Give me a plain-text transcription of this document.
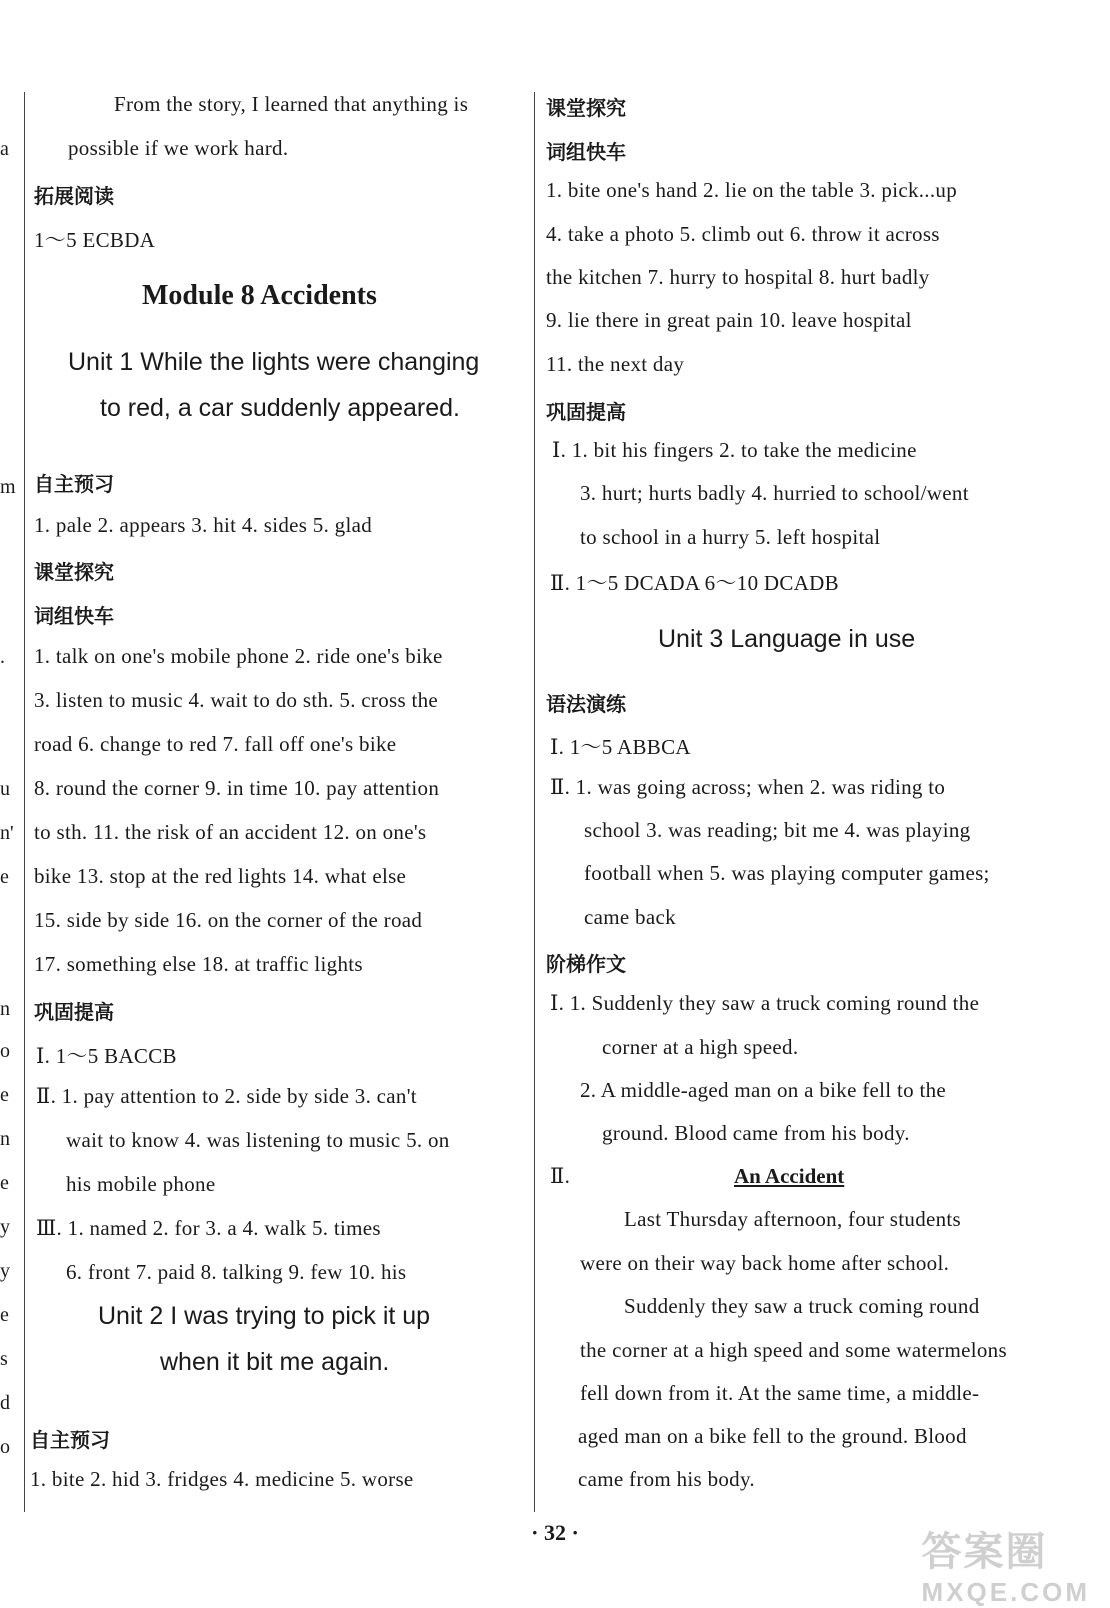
a
m
.
u
n'
e
n
o
e
n
e
y
y
e
s
d
o
From the story, I learned that anything is
possible if we work hard.
拓展阅读
1～5 ECBDA
Module 8 Accidents
Unit 1 While the lights were changing
to red, a car suddenly appeared.
自主预习
1. pale 2. appears 3. hit 4. sides 5. glad
课堂探究
词组快车
1. talk on one's mobile phone 2. ride one's bike
3. listen to music 4. wait to do sth. 5. cross the
road 6. change to red 7. fall off one's bike
8. round the corner 9. in time 10. pay attention
to sth. 11. the risk of an accident 12. on one's
bike 13. stop at the red lights 14. what else
15. side by side 16. on the corner of the road
17. something else 18. at traffic lights
巩固提高
Ⅰ. 1～5 BACCB
Ⅱ. 1. pay attention to 2. side by side 3. can't
wait to know 4. was listening to music 5. on
his mobile phone
Ⅲ. 1. named 2. for 3. a 4. walk 5. times
6. front 7. paid 8. talking 9. few 10. his
Unit 2 I was trying to pick it up
when it bit me again.
自主预习
1. bite 2. hid 3. fridges 4. medicine 5. worse
课堂探究
词组快车
1. bite one's hand 2. lie on the table 3. pick...up
4. take a photo 5. climb out 6. throw it across
the kitchen 7. hurry to hospital 8. hurt badly
9. lie there in great pain 10. leave hospital
11. the next day
巩固提高
Ⅰ. 1. bit his fingers 2. to take the medicine
3. hurt; hurts badly 4. hurried to school/went
to school in a hurry 5. left hospital
Ⅱ. 1～5 DCADA 6～10 DCADB
Unit 3 Language in use
语法演练
Ⅰ. 1～5 ABBCA
Ⅱ. 1. was going across; when 2. was riding to
school 3. was reading; bit me 4. was playing
football when 5. was playing computer games;
came back
阶梯作文
Ⅰ. 1. Suddenly they saw a truck coming round the
corner at a high speed.
2. A middle-aged man on a bike fell to the
ground. Blood came from his body.
Ⅱ.	An Accident
Last Thursday afternoon, four students
were on their way back home after school.
Suddenly they saw a truck coming round
the corner at a high speed and some watermelons
fell down from it. At the same time, a middle-
aged man on a bike fell to the ground. Blood
came from his body.
· 32 ·	答案圈
MXQE.COM
